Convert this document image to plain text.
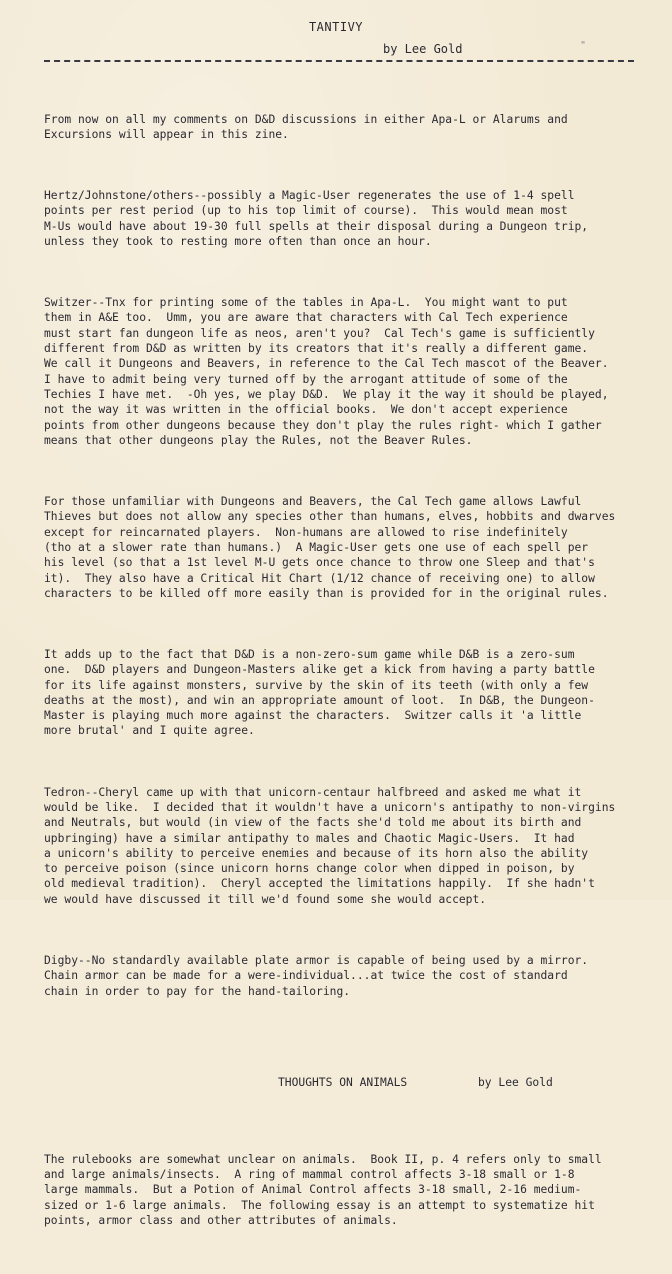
TANTIVY
by Lee Gold	"

From now on all my comments on D&D discussions in either Apa-L or Alarums and
Excursions will appear in this zine.

Hertz/Johnstone/others--possibly a Magic-User regenerates the use of 1-4 spell
points per rest period (up to his top limit of course).  This would mean most
M-Us would have about 19-30 full spells at their disposal during a Dungeon trip,
unless they took to resting more often than once an hour.

Switzer--Tnx for printing some of the tables in Apa-L.  You might want to put
them in A&E too.  Umm, you are aware that characters with Cal Tech experience
must start fan dungeon life as neos, aren't you?  Cal Tech's game is sufficiently
different from D&D as written by its creators that it's really a different game.
We call it Dungeons and Beavers, in reference to the Cal Tech mascot of the Beaver.
I have to admit being very turned off by the arrogant attitude of some of the
Techies I have met.  -Oh yes, we play D&D.  We play it the way it should be played,
not the way it was written in the official books.  We don't accept experience
points from other dungeons because they don't play the rules right- which I gather
means that other dungeons play the Rules, not the Beaver Rules.

For those unfamiliar with Dungeons and Beavers, the Cal Tech game allows Lawful
Thieves but does not allow any species other than humans, elves, hobbits and dwarves
except for reincarnated players.  Non-humans are allowed to rise indefinitely
(tho at a slower rate than humans.)  A Magic-User gets one use of each spell per
his level (so that a 1st level M-U gets once chance to throw one Sleep and that's
it).  They also have a Critical Hit Chart (1/12 chance of receiving one) to allow
characters to be killed off more easily than is provided for in the original rules.

It adds up to the fact that D&D is a non-zero-sum game while D&B is a zero-sum
one.  D&D players and Dungeon-Masters alike get a kick from having a party battle
for its life against monsters, survive by the skin of its teeth (with only a few
deaths at the most), and win an appropriate amount of loot.  In D&B, the Dungeon-
Master is playing much more against the characters.  Switzer calls it 'a little
more brutal' and I quite agree.

Tedron--Cheryl came up with that unicorn-centaur halfbreed and asked me what it
would be like.  I decided that it wouldn't have a unicorn's antipathy to non-virgins
and Neutrals, but would (in view of the facts she'd told me about its birth and
upbringing) have a similar antipathy to males and Chaotic Magic-Users.  It had
a unicorn's ability to perceive enemies and because of its horn also the ability
to perceive poison (since unicorn horns change color when dipped in poison, by
old medieval tradition).  Cheryl accepted the limitations happily.  If she hadn't
we would have discussed it till we'd found some she would accept.

Digby--No standardly available plate armor is capable of being used by a mirror.
Chain armor can be made for a were-individual...at twice the cost of standard
chain in order to pay for the hand-tailoring.

THOUGHTS ON ANIMALS

	by Lee Gold

The rulebooks are somewhat unclear on animals.  Book II, p. 4 refers only to small
and large animals/insects.  A ring of mammal control affects 3-18 small or 1-8
large mammals.  But a Potion of Animal Control affects 3-18 small, 2-16 medium-
sized or 1-6 large animals.  The following essay is an attempt to systematize hit
points, armor class and other attributes of animals.
